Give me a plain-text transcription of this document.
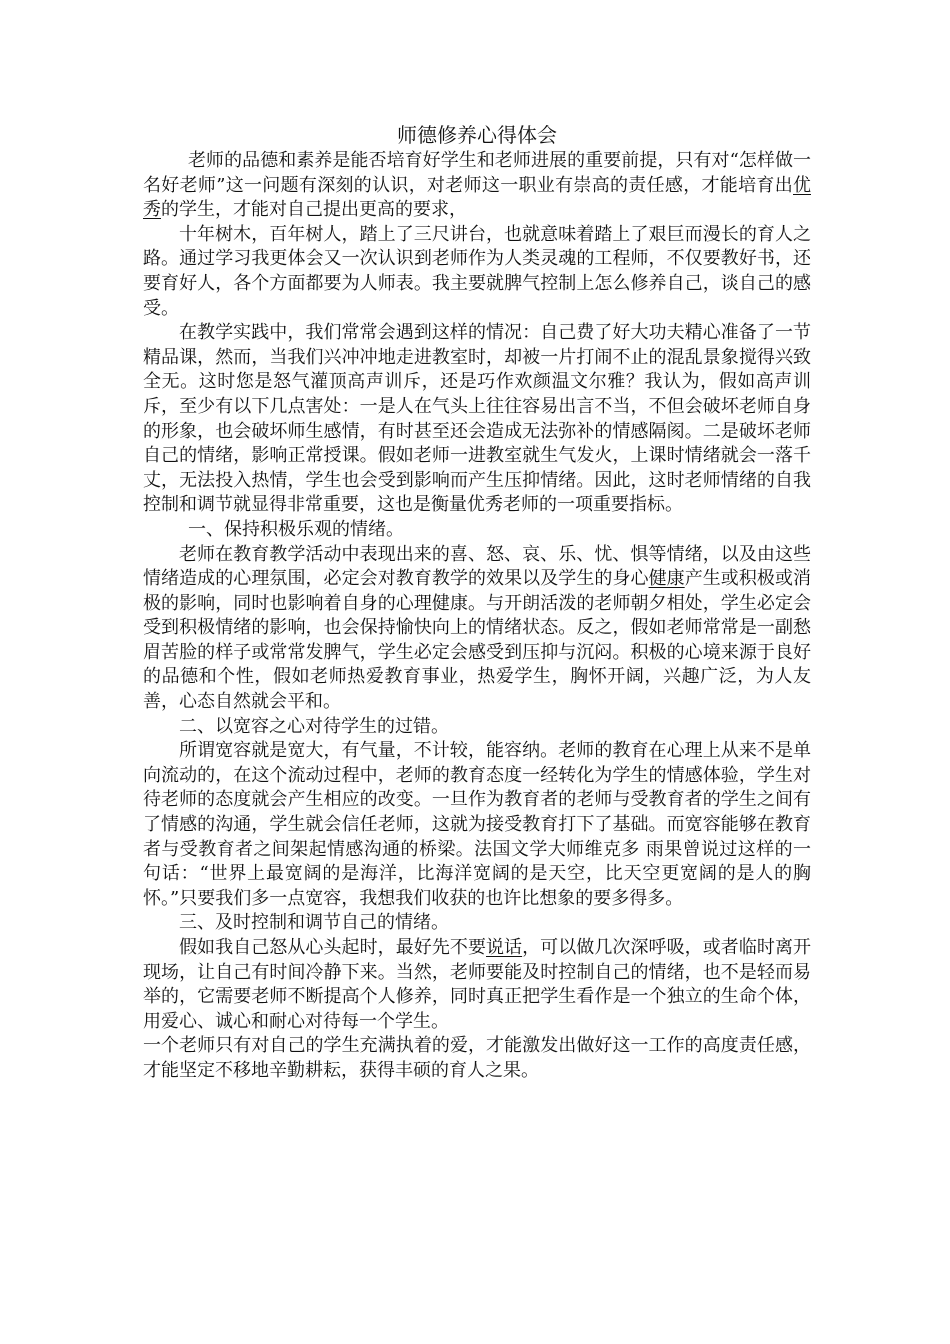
师德修养心得体会

老师的品德和素养是能否培育好学生和老师进展的重要前提，只有对“怎样做一名好老师”这一问题有深刻的认识，对老师这一职业有崇高的责任感，才能培育出优秀的学生，才能对自己提出更高的要求，

十年树木，百年树人，踏上了三尺讲台，也就意味着踏上了艰巨而漫长的育人之路。通过学习我更体会又一次认识到老师作为人类灵魂的工程师，不仅要教好书，还要育好人，各个方面都要为人师表。我主要就脾气控制上怎么修养自己，谈自己的感受。

在教学实践中，我们常常会遇到这样的情况：自己费了好大功夫精心准备了一节精品课，然而，当我们兴冲冲地走进教室时，却被一片打闹不止的混乱景象搅得兴致全无。这时您是怒气灌顶高声训斥，还是巧作欢颜温文尔雅？我认为，假如高声训斥，至少有以下几点害处：一是人在气头上往往容易出言不当，不但会破坏老师自身的形象，也会破坏师生感情，有时甚至还会造成无法弥补的情感隔阂。二是破坏老师自己的情绪，影响正常授课。假如老师一进教室就生气发火，上课时情绪就会一落千丈，无法投入热情，学生也会受到影响而产生压抑情绪。因此，这时老师情绪的自我控制和调节就显得非常重要，这也是衡量优秀老师的一项重要指标。

一、保持积极乐观的情绪。

老师在教育教学活动中表现出来的喜、怒、哀、乐、忧、惧等情绪，以及由这些情绪造成的心理氛围，必定会对教育教学的效果以及学生的身心健康产生或积极或消极的影响，同时也影响着自身的心理健康。与开朗活泼的老师朝夕相处，学生必定会受到积极情绪的影响，也会保持愉快向上的情绪状态。反之，假如老师常常是一副愁眉苦脸的样子或常常发脾气，学生必定会感受到压抑与沉闷。积极的心境来源于良好的品德和个性，假如老师热爱教育事业，热爱学生，胸怀开阔，兴趣广泛，为人友善，心态自然就会平和。

二、以宽容之心对待学生的过错。

所谓宽容就是宽大，有气量，不计较，能容纳。老师的教育在心理上从来不是单向流动的，在这个流动过程中，老师的教育态度一经转化为学生的情感体验，学生对待老师的态度就会产生相应的改变。一旦作为教育者的老师与受教育者的学生之间有了情感的沟通，学生就会信任老师，这就为接受教育打下了基础。而宽容能够在教育者与受教育者之间架起情感沟通的桥梁。法国文学大师维克多 雨果曾说过这样的一句话：“世界上最宽阔的是海洋，比海洋宽阔的是天空，比天空更宽阔的是人的胸怀。”只要我们多一点宽容，我想我们收获的也许比想象的要多得多。

三、及时控制和调节自己的情绪。

假如我自己怒从心头起时，最好先不要说话，可以做几次深呼吸，或者临时离开现场，让自己有时间冷静下来。当然，老师要能及时控制自己的情绪，也不是轻而易举的，它需要老师不断提高个人修养，同时真正把学生看作是一个独立的生命个体，用爱心、诚心和耐心对待每一个学生。

一个老师只有对自己的学生充满执着的爱，才能激发出做好这一工作的高度责任感，才能坚定不移地辛勤耕耘，获得丰硕的育人之果。
